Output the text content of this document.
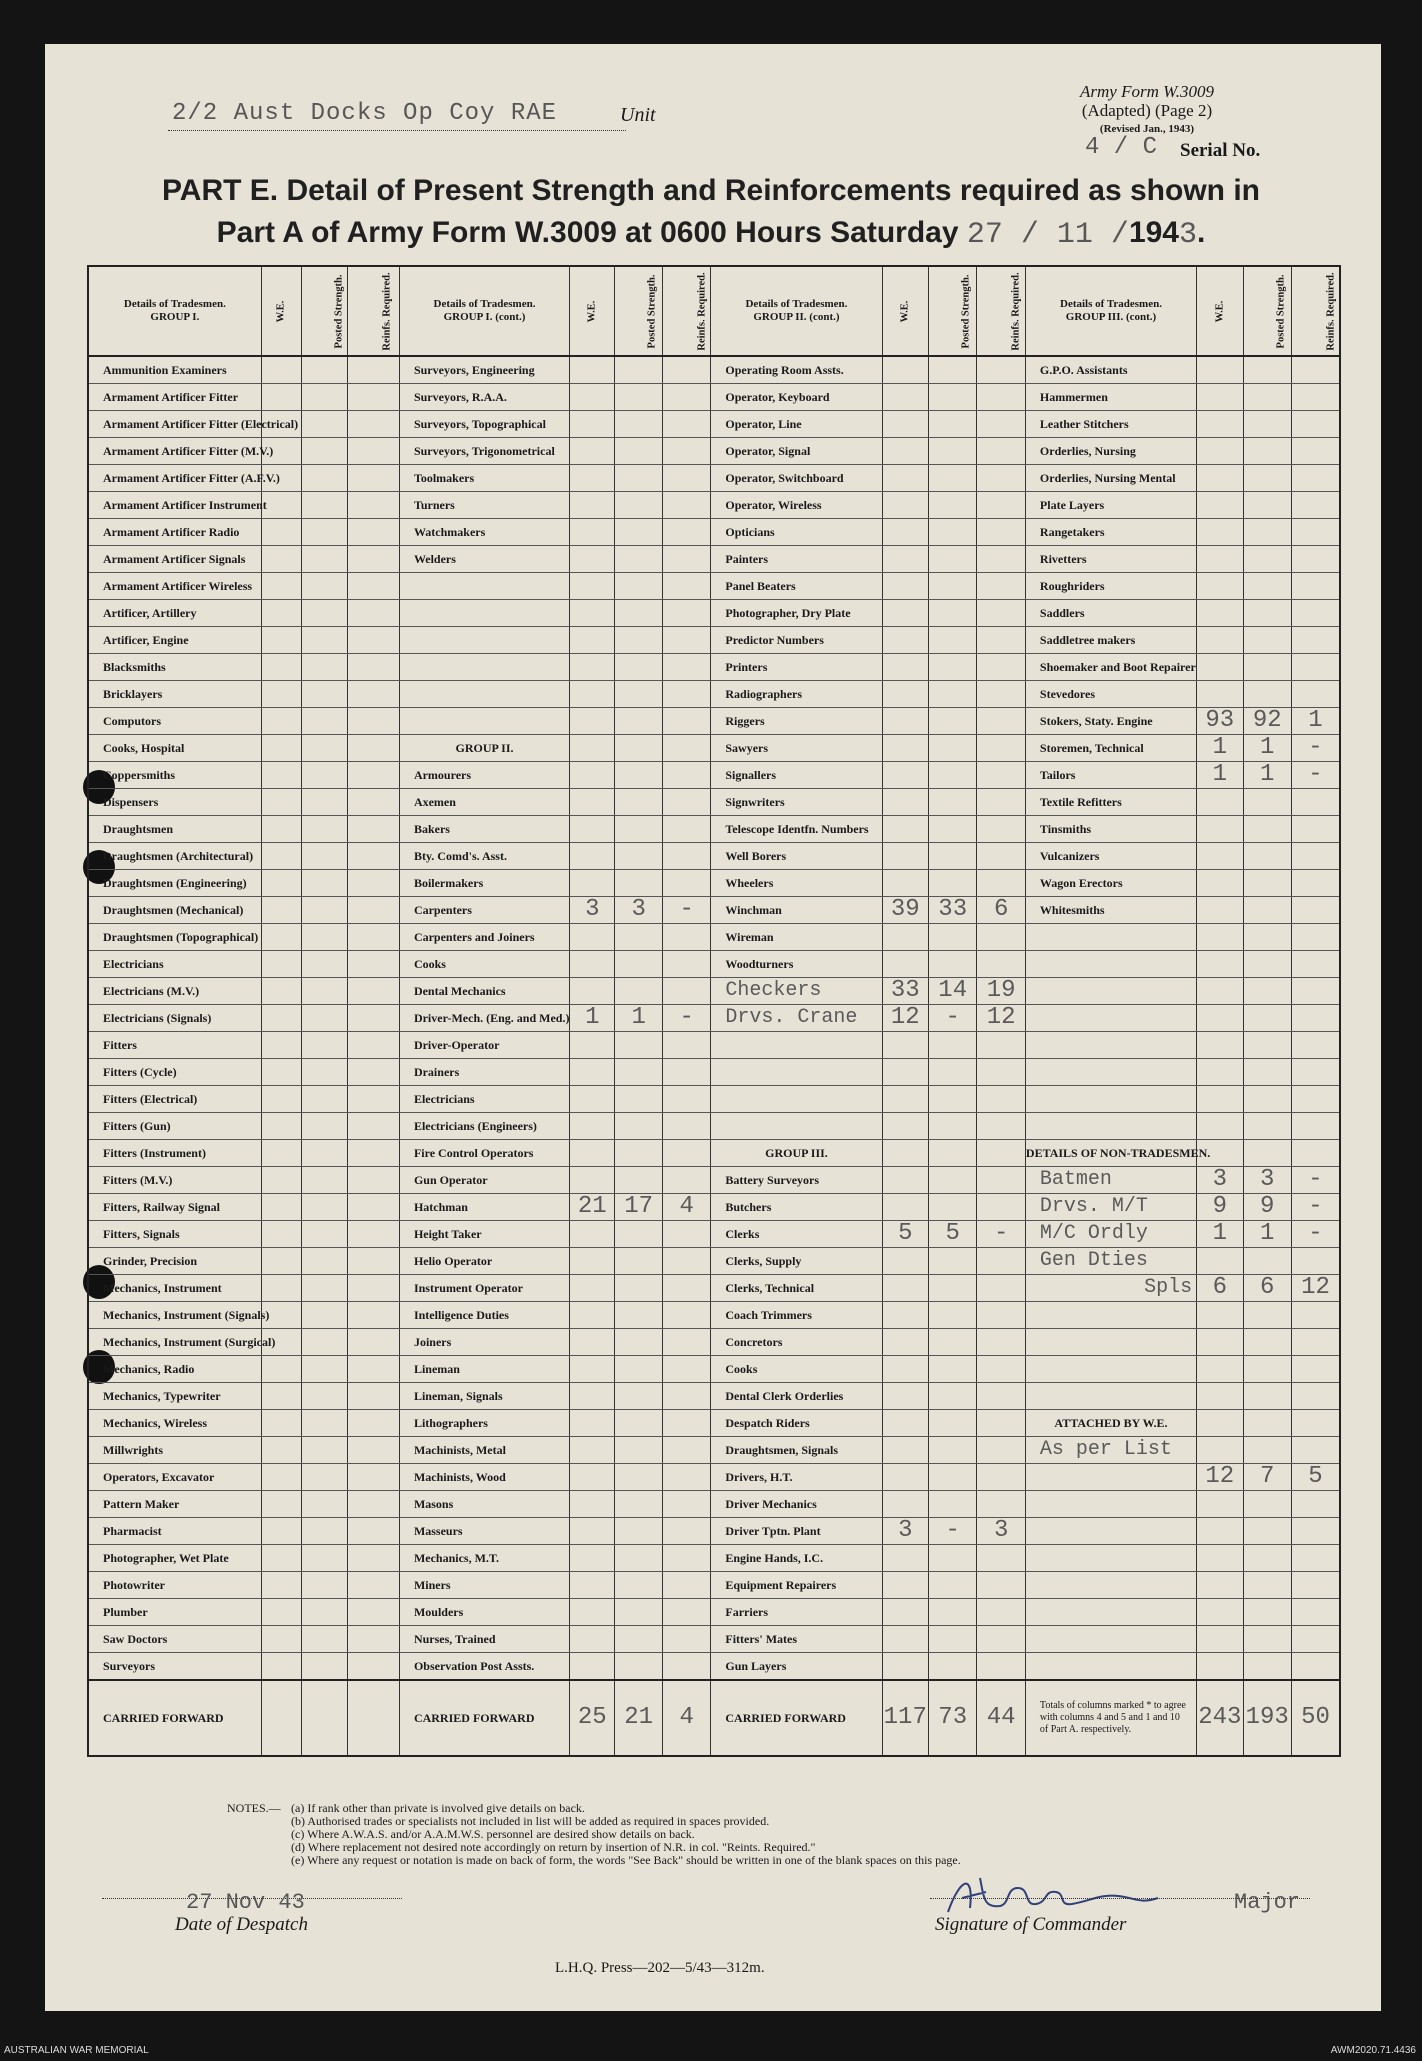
2/2 Aust Docks Op Coy RAE	Unit
Army Form W.3009
(Adapted) (Page 2)
(Revised Jan., 1943)
4 / C Serial No.
PART E. Detail of Present Strength and Reinforcements required as shown in
Part A of Army Form W.3009 at 0600 Hours Saturday 27 / 11 /1943.
Details of Tradesmen. GROUP I.	W.E.	Posted Strength.	Reinfs. Required.	Details of Tradesmen. GROUP I. (cont.)	W.E.	Posted Strength.	Reinfs. Required.	Details of Tradesmen. GROUP II. (cont.)	W.E.	Posted Strength.	Reinfs. Required.	Details of Tradesmen. GROUP III. (cont.)	W.E.	Posted Strength.	Reinfs. Required.
Ammunition Examiners				Surveyors, Engineering				Operating Room Assts.				G.P.O. Assistants			
Armament Artificer Fitter				Surveyors, R.A.A.				Operator, Keyboard				Hammermen			
Armament Artificer Fitter (Electrical)				Surveyors, Topographical				Operator, Line				Leather Stitchers			
Armament Artificer Fitter (M.V.)				Surveyors, Trigonometrical				Operator, Signal				Orderlies, Nursing			
Armament Artificer Fitter (A.F.V.)				Toolmakers				Operator, Switchboard				Orderlies, Nursing Mental			
Armament Artificer Instrument				Turners				Operator, Wireless				Plate Layers			
Armament Artificer Radio				Watchmakers				Opticians				Rangetakers			
Armament Artificer Signals				Welders				Painters				Rivetters			
Armament Artificer Wireless								Panel Beaters				Roughriders			
Artificer, Artillery								Photographer, Dry Plate				Saddlers			
Artificer, Engine								Predictor Numbers				Saddletree makers			
Blacksmiths								Printers				Shoemaker and Boot Repairer			
Bricklayers								Radiographers				Stevedores			
Computors								Riggers				Stokers, Staty. Engine	93	92	1
Cooks, Hospital				GROUP II.				Sawyers				Storemen, Technical	1	1	-
Coppersmiths				Armourers				Signallers				Tailors	1	1	-
Dispensers				Axemen				Signwriters				Textile Refitters			
Draughtsmen				Bakers				Telescope Identfn. Numbers				Tinsmiths			
Draughtsmen (Architectural)				Bty. Comd's. Asst.				Well Borers				Vulcanizers			
Draughtsmen (Engineering)				Boilermakers				Wheelers				Wagon Erectors			
Draughtsmen (Mechanical)				Carpenters	3	3	-	Winchman	39	33	6	Whitesmiths			
Draughtsmen (Topographical)				Carpenters and Joiners				Wireman							
Electricians				Cooks				Woodturners							
Electricians (M.V.)				Dental Mechanics				Checkers	33	14	19				
Electricians (Signals)				Driver-Mech. (Eng. and Med.)	1	1	-	Drvs. Crane	12	-	12				
Fitters				Driver-Operator											
Fitters (Cycle)				Drainers											
Fitters (Electrical)				Electricians											
Fitters (Gun)				Electricians (Engineers)											
Fitters (Instrument)				Fire Control Operators				GROUP III.				DETAILS OF NON-TRADESMEN.			
Fitters (M.V.)				Gun Operator				Battery Surveyors				Batmen	3	3	-
Fitters, Railway Signal				Hatchman	21	17	4	Butchers				Drvs. M/T	9	9	-
Fitters, Signals				Height Taker				Clerks	5	5	-	M/C Ordly	1	1	-
Grinder, Precision				Helio Operator				Clerks, Supply				Gen Dties			
Mechanics, Instrument				Instrument Operator				Clerks, Technical				Spls	6	6	12
Mechanics, Instrument (Signals)				Intelligence Duties				Coach Trimmers							
Mechanics, Instrument (Surgical)				Joiners				Concretors							
Mechanics, Radio				Lineman				Cooks							
Mechanics, Typewriter				Lineman, Signals				Dental Clerk Orderlies							
Mechanics, Wireless				Lithographers				Despatch Riders				ATTACHED BY W.E.			
Millwrights				Machinists, Metal				Draughtsmen, Signals				As per List			
Operators, Excavator				Machinists, Wood				Drivers, H.T.					12	7	5
Pattern Maker				Masons				Driver Mechanics							
Pharmacist				Masseurs				Driver Tptn. Plant	3	-	3				
Photographer, Wet Plate				Mechanics, M.T.				Engine Hands, I.C.							
Photowriter				Miners				Equipment Repairers							
Plumber				Moulders				Farriers							
Saw Doctors				Nurses, Trained				Fitters' Mates							
Surveyors				Observation Post Assts.				Gun Layers							
CARRIED FORWARD				CARRIED FORWARD	25	21	4	CARRIED FORWARD	117	73	44	Totals of columns marked * to agree with columns 4 and 5 and 1 and 10 of Part A. respectively.	243	193	50
NOTES.— (a) If rank other than private is involved give details on back.
(b) Authorised trades or specialists not included in list will be added as required in spaces provided.
(c) Where A.W.A.S. and/or A.A.M.W.S. personnel are desired show details on back.
(d) Where replacement not desired note accordingly on return by insertion of N.R. in col. "Reints. Required."
(e) Where any request or notation is made on back of form, the words "See Back" should be written in one of the blank spaces on this page.
27 Nov 43
Date of Despatch
Major
Signature of Commander
L.H.Q. Press—202—5/43—312m.
AUSTRALIAN WAR MEMORIAL	AWM2020.71.4436
